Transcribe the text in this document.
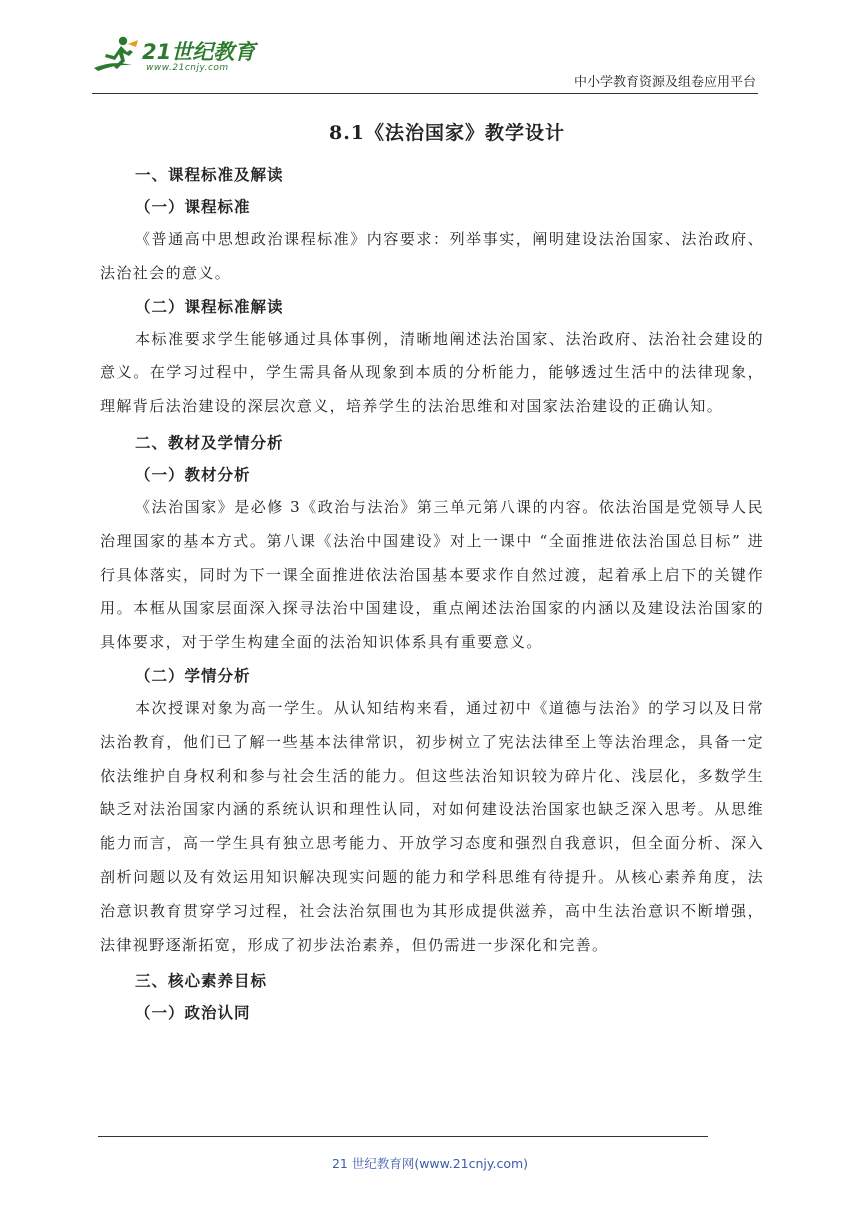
21世纪教育
www.21cnjy.com
中小学教育资源及组卷应用平台
8.1《法治国家》教学设计
一、课程标准及解读
（一）课程标准

《普通高中思想政治课程标准》内容要求：列举事实，阐明建设法治国家、法治政府、法治社会的意义。

（二）课程标准解读

本标准要求学生能够通过具体事例，清晰地阐述法治国家、法治政府、法治社会建设的意义。在学习过程中，学生需具备从现象到本质的分析能力，能够透过生活中的法律现象，理解背后法治建设的深层次意义，培养学生的法治思维和对国家法治建设的正确认知。

二、教材及学情分析
（一）教材分析

《法治国家》是必修 3《政治与法治》第三单元第八课的内容。依法治国是党领导人民治理国家的基本方式。第八课《法治中国建设》对上一课中 “全面推进依法治国总目标” 进行具体落实，同时为下一课全面推进依法治国基本要求作自然过渡，起着承上启下的关键作用。本框从国家层面深入探寻法治中国建设，重点阐述法治国家的内涵以及建设法治国家的具体要求，对于学生构建全面的法治知识体系具有重要意义。

（二）学情分析

本次授课对象为高一学生。从认知结构来看，通过初中《道德与法治》的学习以及日常法治教育，他们已了解一些基本法律常识，初步树立了宪法法律至上等法治理念，具备一定依法维护自身权利和参与社会生活的能力。但这些法治知识较为碎片化、浅层化，多数学生缺乏对法治国家内涵的系统认识和理性认同，对如何建设法治国家也缺乏深入思考。从思维能力而言，高一学生具有独立思考能力、开放学习态度和强烈自我意识，但全面分析、深入剖析问题以及有效运用知识解决现实问题的能力和学科思维有待提升。从核心素养角度，法治意识教育贯穿学习过程，社会法治氛围也为其形成提供滋养，高中生法治意识不断增强，法律视野逐渐拓宽，形成了初步法治素养，但仍需进一步深化和完善。

三、核心素养目标
（一）政治认同
21 世纪教育网(www.21cnjy.com)
